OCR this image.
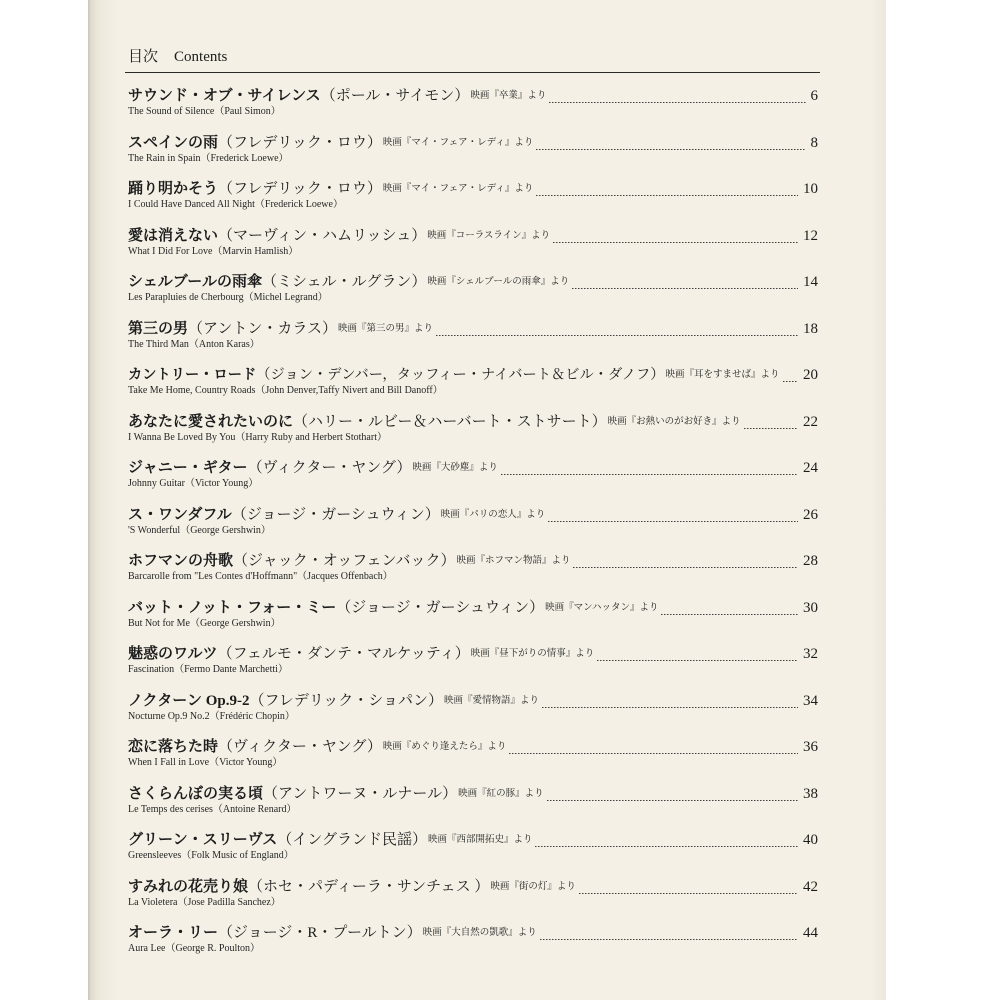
目次 Contents
サウンド・オブ・サイレンス （ポール・サイモン） 映画『卒業』より	6
The Sound of Silence（Paul Simon）
スペインの雨 （フレデリック・ロウ） 映画『マイ・フェア・レディ』より	8
The Rain in Spain（Frederick Loewe）
踊り明かそう （フレデリック・ロウ） 映画『マイ・フェア・レディ』より	10
I Could Have Danced All Night（Frederick Loewe）
愛は消えない （マーヴィン・ハムリッシュ） 映画『コーラスライン』より	12
What I Did For Love（Marvin Hamlish）
シェルブールの雨傘 （ミシェル・ルグラン） 映画『シェルブールの雨傘』より	14
Les Parapluies de Cherbourg（Michel Legrand）
第三の男 （アントン・カラス） 映画『第三の男』より	18
The Third Man（Anton Karas）
カントリー・ロード （ジョン・デンバー，タッフィー・ナイバート＆ビル・ダノフ） 映画『耳をすませば』より 20
Take Me Home, Country Roads（John Denver,Taffy Nivert and Bill Danoff）
あなたに愛されたいのに （ハリー・ルビー＆ハーバート・ストサート） 映画『お熱いのがお好き』より	22
I Wanna Be Loved By You（Harry Ruby and Herbert Stothart）
ジャニー・ギター （ヴィクター・ヤング） 映画『大砂塵』より	24
Johnny Guitar（Victor Young）
ス・ワンダフル （ジョージ・ガーシュウィン） 映画『パリの恋人』より	26
'S Wonderful（George Gershwin）
ホフマンの舟歌 （ジャック・オッフェンバック） 映画『ホフマン物語』より	28
Barcarolle from "Les Contes d'Hoffmann"（Jacques Offenbach）
バット・ノット・フォー・ミー （ジョージ・ガーシュウィン） 映画『マンハッタン』より	30
But Not for Me（George Gershwin）
魅惑のワルツ （フェルモ・ダンテ・マルケッティ） 映画『昼下がりの情事』より	32
Fascination（Fermo Dante Marchetti）
ノクターン Op.9-2 （フレデリック・ショパン） 映画『愛情物語』より	34
Nocturne Op.9 No.2（Frédéric Chopin）
恋に落ちた時 （ヴィクター・ヤング） 映画『めぐり逢えたら』より	36
When I Fall in Love（Victor Young）
さくらんぼの実る頃 （アントワーヌ・ルナール） 映画『紅の豚』より	38
Le Temps des cerises（Antoine Renard）
グリーン・スリーヴス （イングランド民謡） 映画『西部開拓史』より	40
Greensleeves（Folk Music of England）
すみれの花売り娘 （ホセ・パディーラ・サンチェス ） 映画『街の灯』より	42
La Violetera（Jose Padilla Sanchez）
オーラ・リー （ジョージ・R・プールトン） 映画『大自然の凱歌』より	44
Aura Lee（George R. Poulton）
